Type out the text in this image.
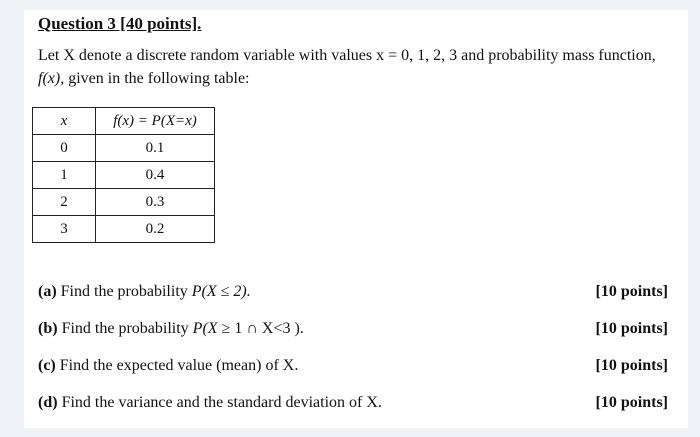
Question 3 [40 points].
Let X denote a discrete random variable with values x = 0, 1, 2, 3 and probability mass function,
f(x), given in the following table:
x	f(x) = P(X=x)
0	0.1
1	0.4
2	0.3
3	0.2
(a) Find the probability P(X ≤ 2).	[10 points]
(b) Find the probability P(X ≥ 1 ∩ X<3 ).	[10 points]
(c) Find the expected value (mean) of X.	[10 points]
(d) Find the variance and the standard deviation of X.	[10 points]
